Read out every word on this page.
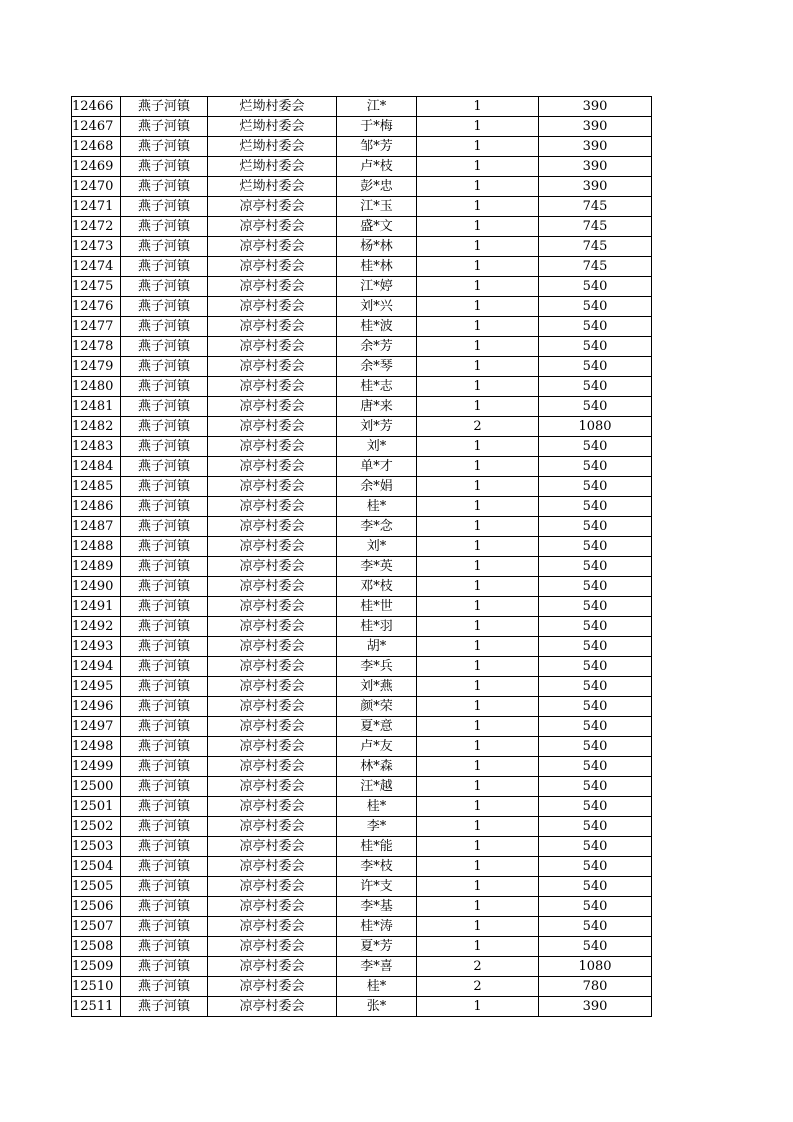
12466	燕子河镇	烂坳村委会	江*	1	390
12467	燕子河镇	烂坳村委会	于*梅	1	390
12468	燕子河镇	烂坳村委会	邹*芳	1	390
12469	燕子河镇	烂坳村委会	卢*枝	1	390
12470	燕子河镇	烂坳村委会	彭*忠	1	390
12471	燕子河镇	凉亭村委会	江*玉	1	745
12472	燕子河镇	凉亭村委会	盛*文	1	745
12473	燕子河镇	凉亭村委会	杨*林	1	745
12474	燕子河镇	凉亭村委会	桂*林	1	745
12475	燕子河镇	凉亭村委会	江*婷	1	540
12476	燕子河镇	凉亭村委会	刘*兴	1	540
12477	燕子河镇	凉亭村委会	桂*波	1	540
12478	燕子河镇	凉亭村委会	余*芳	1	540
12479	燕子河镇	凉亭村委会	余*琴	1	540
12480	燕子河镇	凉亭村委会	桂*志	1	540
12481	燕子河镇	凉亭村委会	唐*来	1	540
12482	燕子河镇	凉亭村委会	刘*芳	2	1080
12483	燕子河镇	凉亭村委会	刘*	1	540
12484	燕子河镇	凉亭村委会	单*才	1	540
12485	燕子河镇	凉亭村委会	余*娟	1	540
12486	燕子河镇	凉亭村委会	桂*	1	540
12487	燕子河镇	凉亭村委会	李*念	1	540
12488	燕子河镇	凉亭村委会	刘*	1	540
12489	燕子河镇	凉亭村委会	李*英	1	540
12490	燕子河镇	凉亭村委会	邓*枝	1	540
12491	燕子河镇	凉亭村委会	桂*世	1	540
12492	燕子河镇	凉亭村委会	桂*羽	1	540
12493	燕子河镇	凉亭村委会	胡*	1	540
12494	燕子河镇	凉亭村委会	李*兵	1	540
12495	燕子河镇	凉亭村委会	刘*燕	1	540
12496	燕子河镇	凉亭村委会	颜*荣	1	540
12497	燕子河镇	凉亭村委会	夏*意	1	540
12498	燕子河镇	凉亭村委会	卢*友	1	540
12499	燕子河镇	凉亭村委会	林*森	1	540
12500	燕子河镇	凉亭村委会	汪*越	1	540
12501	燕子河镇	凉亭村委会	桂*	1	540
12502	燕子河镇	凉亭村委会	李*	1	540
12503	燕子河镇	凉亭村委会	桂*能	1	540
12504	燕子河镇	凉亭村委会	李*枝	1	540
12505	燕子河镇	凉亭村委会	许*支	1	540
12506	燕子河镇	凉亭村委会	李*基	1	540
12507	燕子河镇	凉亭村委会	桂*涛	1	540
12508	燕子河镇	凉亭村委会	夏*芳	1	540
12509	燕子河镇	凉亭村委会	李*喜	2	1080
12510	燕子河镇	凉亭村委会	桂*	2	780
12511	燕子河镇	凉亭村委会	张*	1	390
